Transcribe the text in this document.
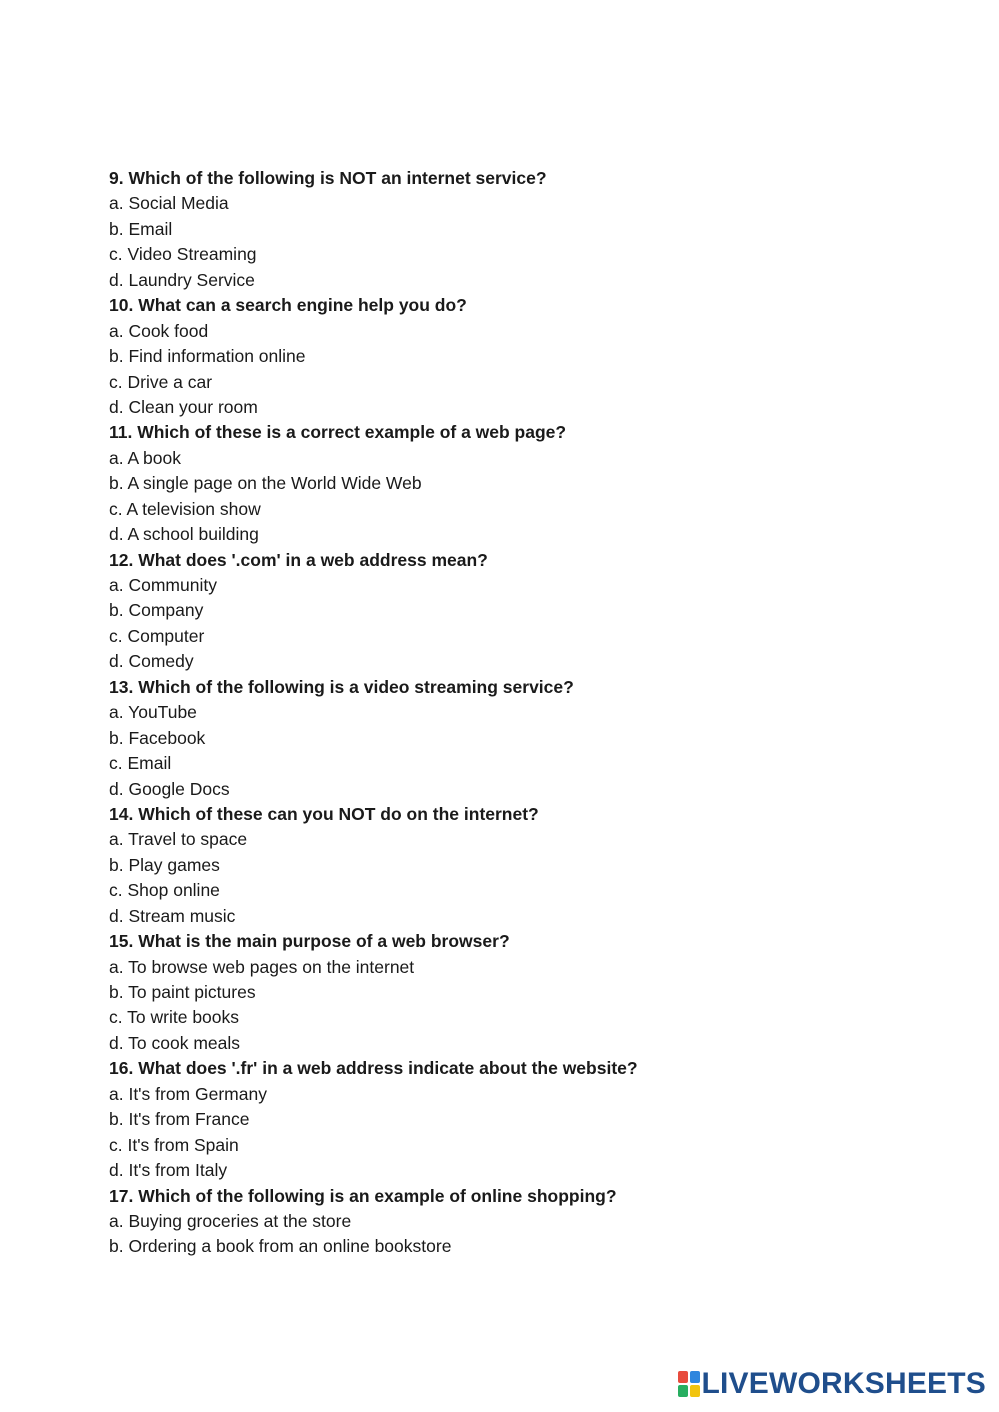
9. Which of the following is NOT an internet service?
a. Social Media
b. Email
c. Video Streaming
d. Laundry Service
10. What can a search engine help you do?
a. Cook food
b. Find information online
c. Drive a car
d. Clean your room
11. Which of these is a correct example of a web page?
a. A book
b. A single page on the World Wide Web
c. A television show
d. A school building
12. What does '.com' in a web address mean?
a. Community
b. Company
c. Computer
d. Comedy
13. Which of the following is a video streaming service?
a. YouTube
b. Facebook
c. Email
d. Google Docs
14. Which of these can you NOT do on the internet?
a. Travel to space
b. Play games
c. Shop online
d. Stream music
15. What is the main purpose of a web browser?
a. To browse web pages on the internet
b. To paint pictures
c. To write books
d. To cook meals
16. What does '.fr' in a web address indicate about the website?
a. It's from Germany
b. It's from France
c. It's from Spain
d. It's from Italy
17. Which of the following is an example of online shopping?
a. Buying groceries at the store
b. Ordering a book from an online bookstore
LIVEWORKSHEETS
